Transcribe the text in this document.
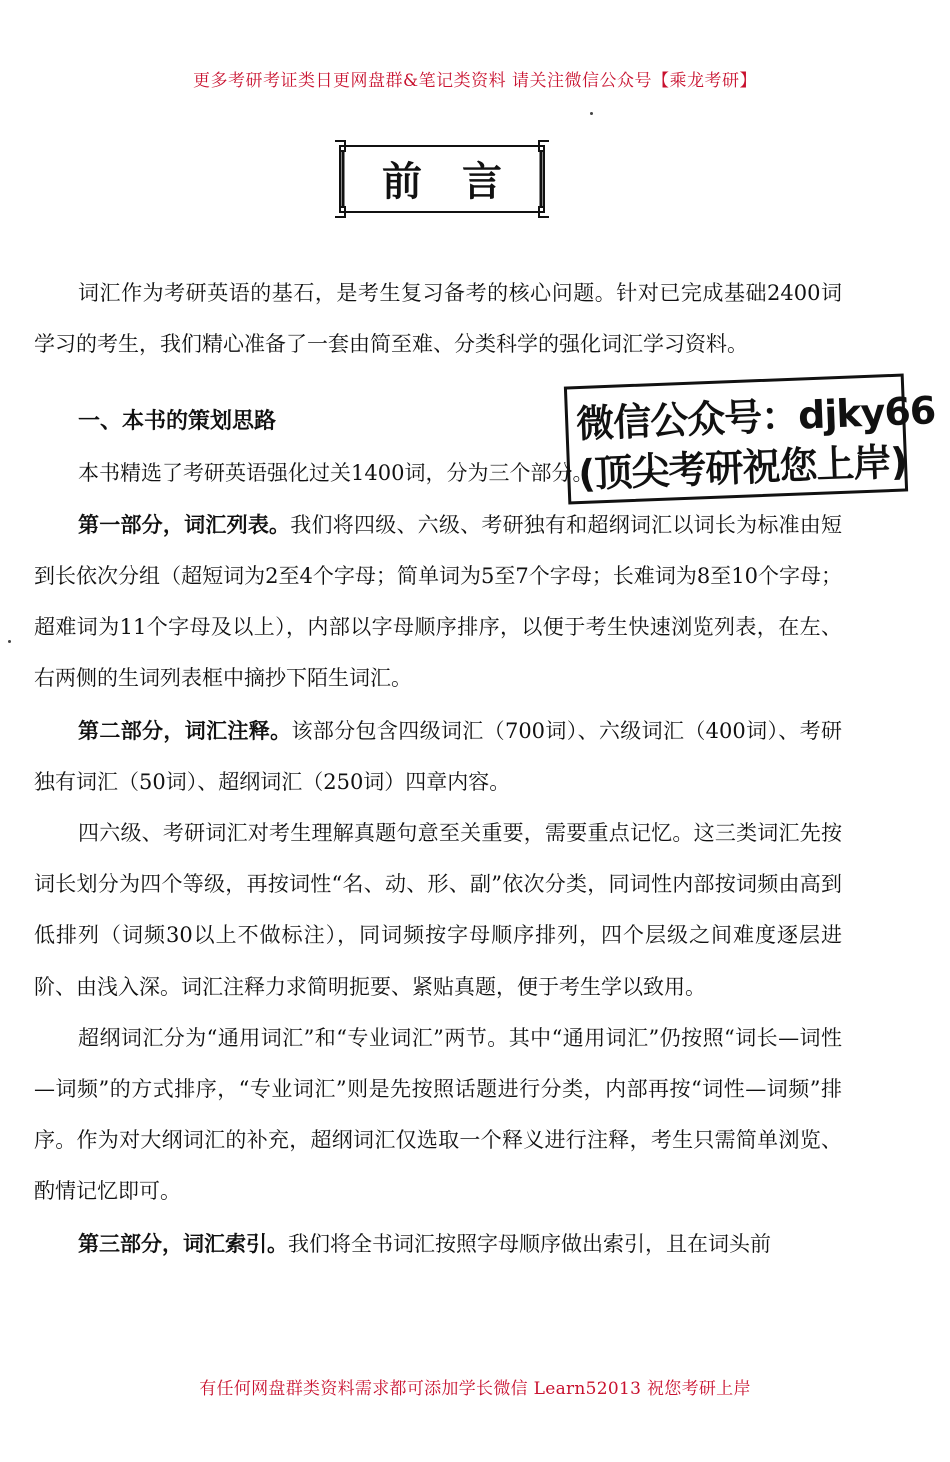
更多考研考证类日更网盘群&笔记类资料 请关注微信公众号【乘龙考研】
前言
微信公众号：djky66
(顶尖考研祝您上岸)

词汇作为考研英语的基石，是考生复习备考的核心问题。针对已完成基础2400词学习的考生，我们精心准备了一套由简至难、分类科学的强化词汇学习资料。

一、本书的策划思路

本书精选了考研英语强化过关1400词，分为三个部分。

第一部分，词汇列表。我们将四级、六级、考研独有和超纲词汇以词长为标准由短到长依次分组（超短词为2至4个字母；简单词为5至7个字母；长难词为8至10个字母；超难词为11个字母及以上），内部以字母顺序排序，以便于考生快速浏览列表，在左、右两侧的生词列表框中摘抄下陌生词汇。

第二部分，词汇注释。该部分包含四级词汇（700词）、六级词汇（400词）、考研独有词汇（50词）、超纲词汇（250词）四章内容。

四六级、考研词汇对考生理解真题句意至关重要，需要重点记忆。这三类词汇先按词长划分为四个等级，再按词性“名、动、形、副”依次分类，同词性内部按词频由高到低排列（词频30以上不做标注），同词频按字母顺序排列，四个层级之间难度逐层进阶、由浅入深。词汇注释力求简明扼要、紧贴真题，便于考生学以致用。

超纲词汇分为“通用词汇”和“专业词汇”两节。其中“通用词汇”仍按照“词长—词性—词频”的方式排序，“专业词汇”则是先按照话题进行分类，内部再按“词性—词频”排序。作为对大纲词汇的补充，超纲词汇仅选取一个释义进行注释，考生只需简单浏览、酌情记忆即可。

第三部分，词汇索引。我们将全书词汇按照字母顺序做出索引，且在词头前

有任何网盘群类资料需求都可添加学长微信 Learn52013 祝您考研上岸
